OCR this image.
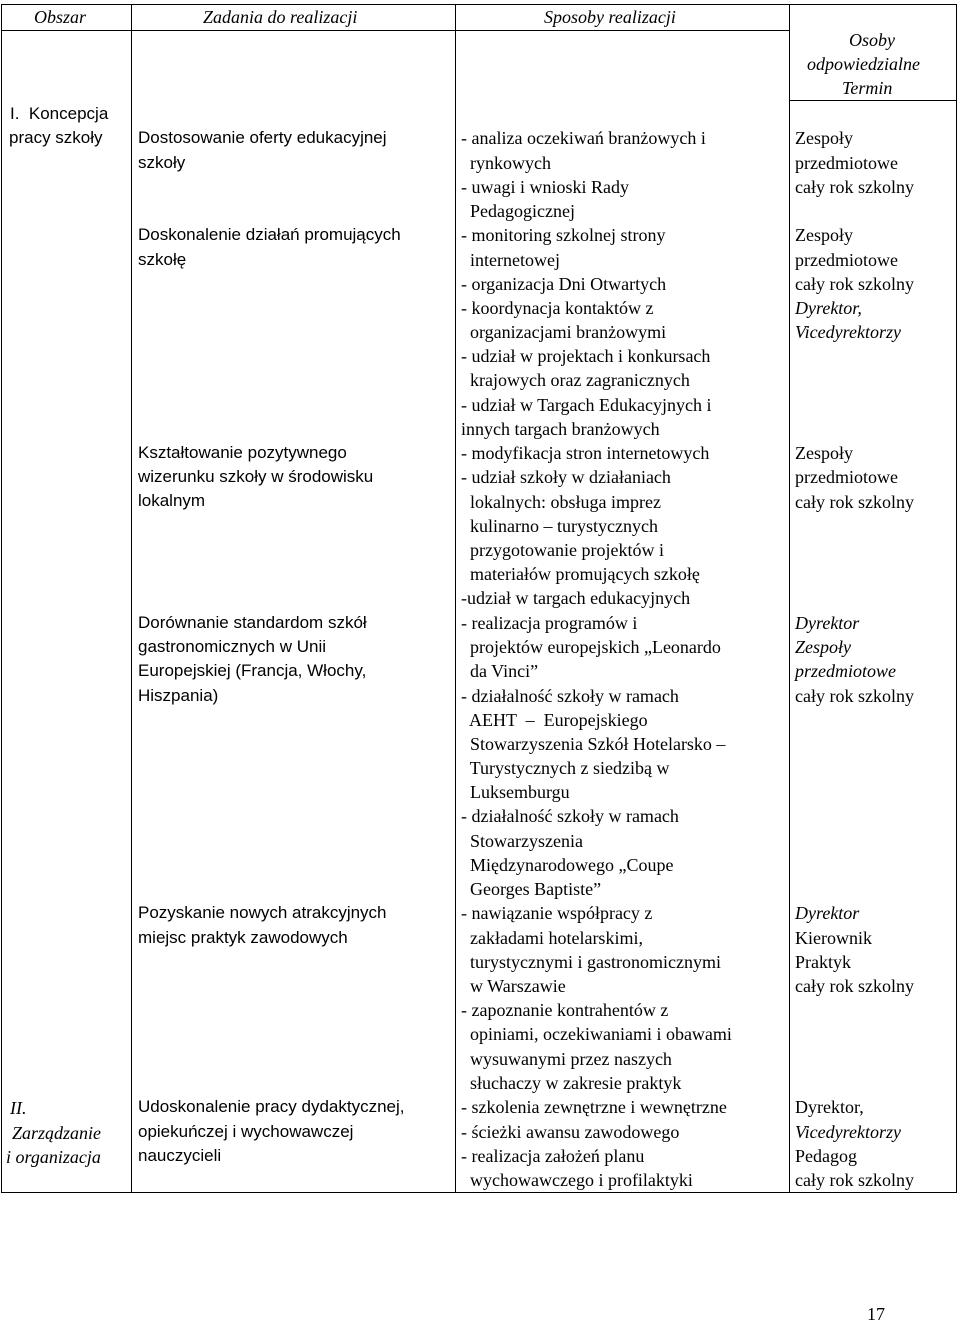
Obszar	Zadania do realizacji	Sposoby realizacji
Osoby
odpowiedzialne
Termin
I.  Koncepcja
pracy szkoły
II.
Zarządzanie
i organizacja
Dostosowanie oferty edukacyjnej
szkoły
- analiza oczekiwań branżowych i
rynkowych
- uwagi i wnioski Rady
Pedagogicznej
Zespoły
przedmiotowe
cały rok szkolny
Doskonalenie działań promujących
szkołę
- monitoring szkolnej strony
internetowej
- organizacja Dni Otwartych
- koordynacja kontaktów z
organizacjami branżowymi
- udział w projektach i konkursach
krajowych oraz zagranicznych
- udział w Targach Edukacyjnych i
innych targach branżowych
Zespoły
przedmiotowe
cały rok szkolny
Dyrektor,
Vicedyrektorzy
Kształtowanie pozytywnego
wizerunku szkoły w środowisku
lokalnym
- modyfikacja stron internetowych
- udział szkoły w działaniach
lokalnych: obsługa imprez
kulinarno – turystycznych
przygotowanie projektów i
materiałów promujących szkołę
-udział w targach edukacyjnych
Zespoły
przedmiotowe
cały rok szkolny
Dorównanie standardom szkół
gastronomicznych w Unii
Europejskiej (Francja, Włochy,
Hiszpania)
- realizacja programów i
projektów europejskich „Leonardo
da Vinci”
- działalność szkoły w ramach
AEHT  –  Europejskiego
Stowarzyszenia Szkół Hotelarsko –
Turystycznych z siedzibą w
Luksemburgu
- działalność szkoły w ramach
Stowarzyszenia
Międzynarodowego „Coupe
Georges Baptiste”
Dyrektor
Zespoły
przedmiotowe
cały rok szkolny
Pozyskanie nowych atrakcyjnych
miejsc praktyk zawodowych
- nawiązanie współpracy z
zakładami hotelarskimi,
turystycznymi i gastronomicznymi
w Warszawie
- zapoznanie kontrahentów z
opiniami, oczekiwaniami i obawami
wysuwanymi przez naszych
słuchaczy w zakresie praktyk
Dyrektor
Kierownik
Praktyk
cały rok szkolny
Udoskonalenie pracy dydaktycznej,
opiekuńczej i wychowawczej
nauczycieli
- szkolenia zewnętrzne i wewnętrzne
- ścieżki awansu zawodowego
- realizacja założeń planu
wychowawczego i profilaktyki
Dyrektor,
Vicedyrektorzy
Pedagog
cały rok szkolny
17
